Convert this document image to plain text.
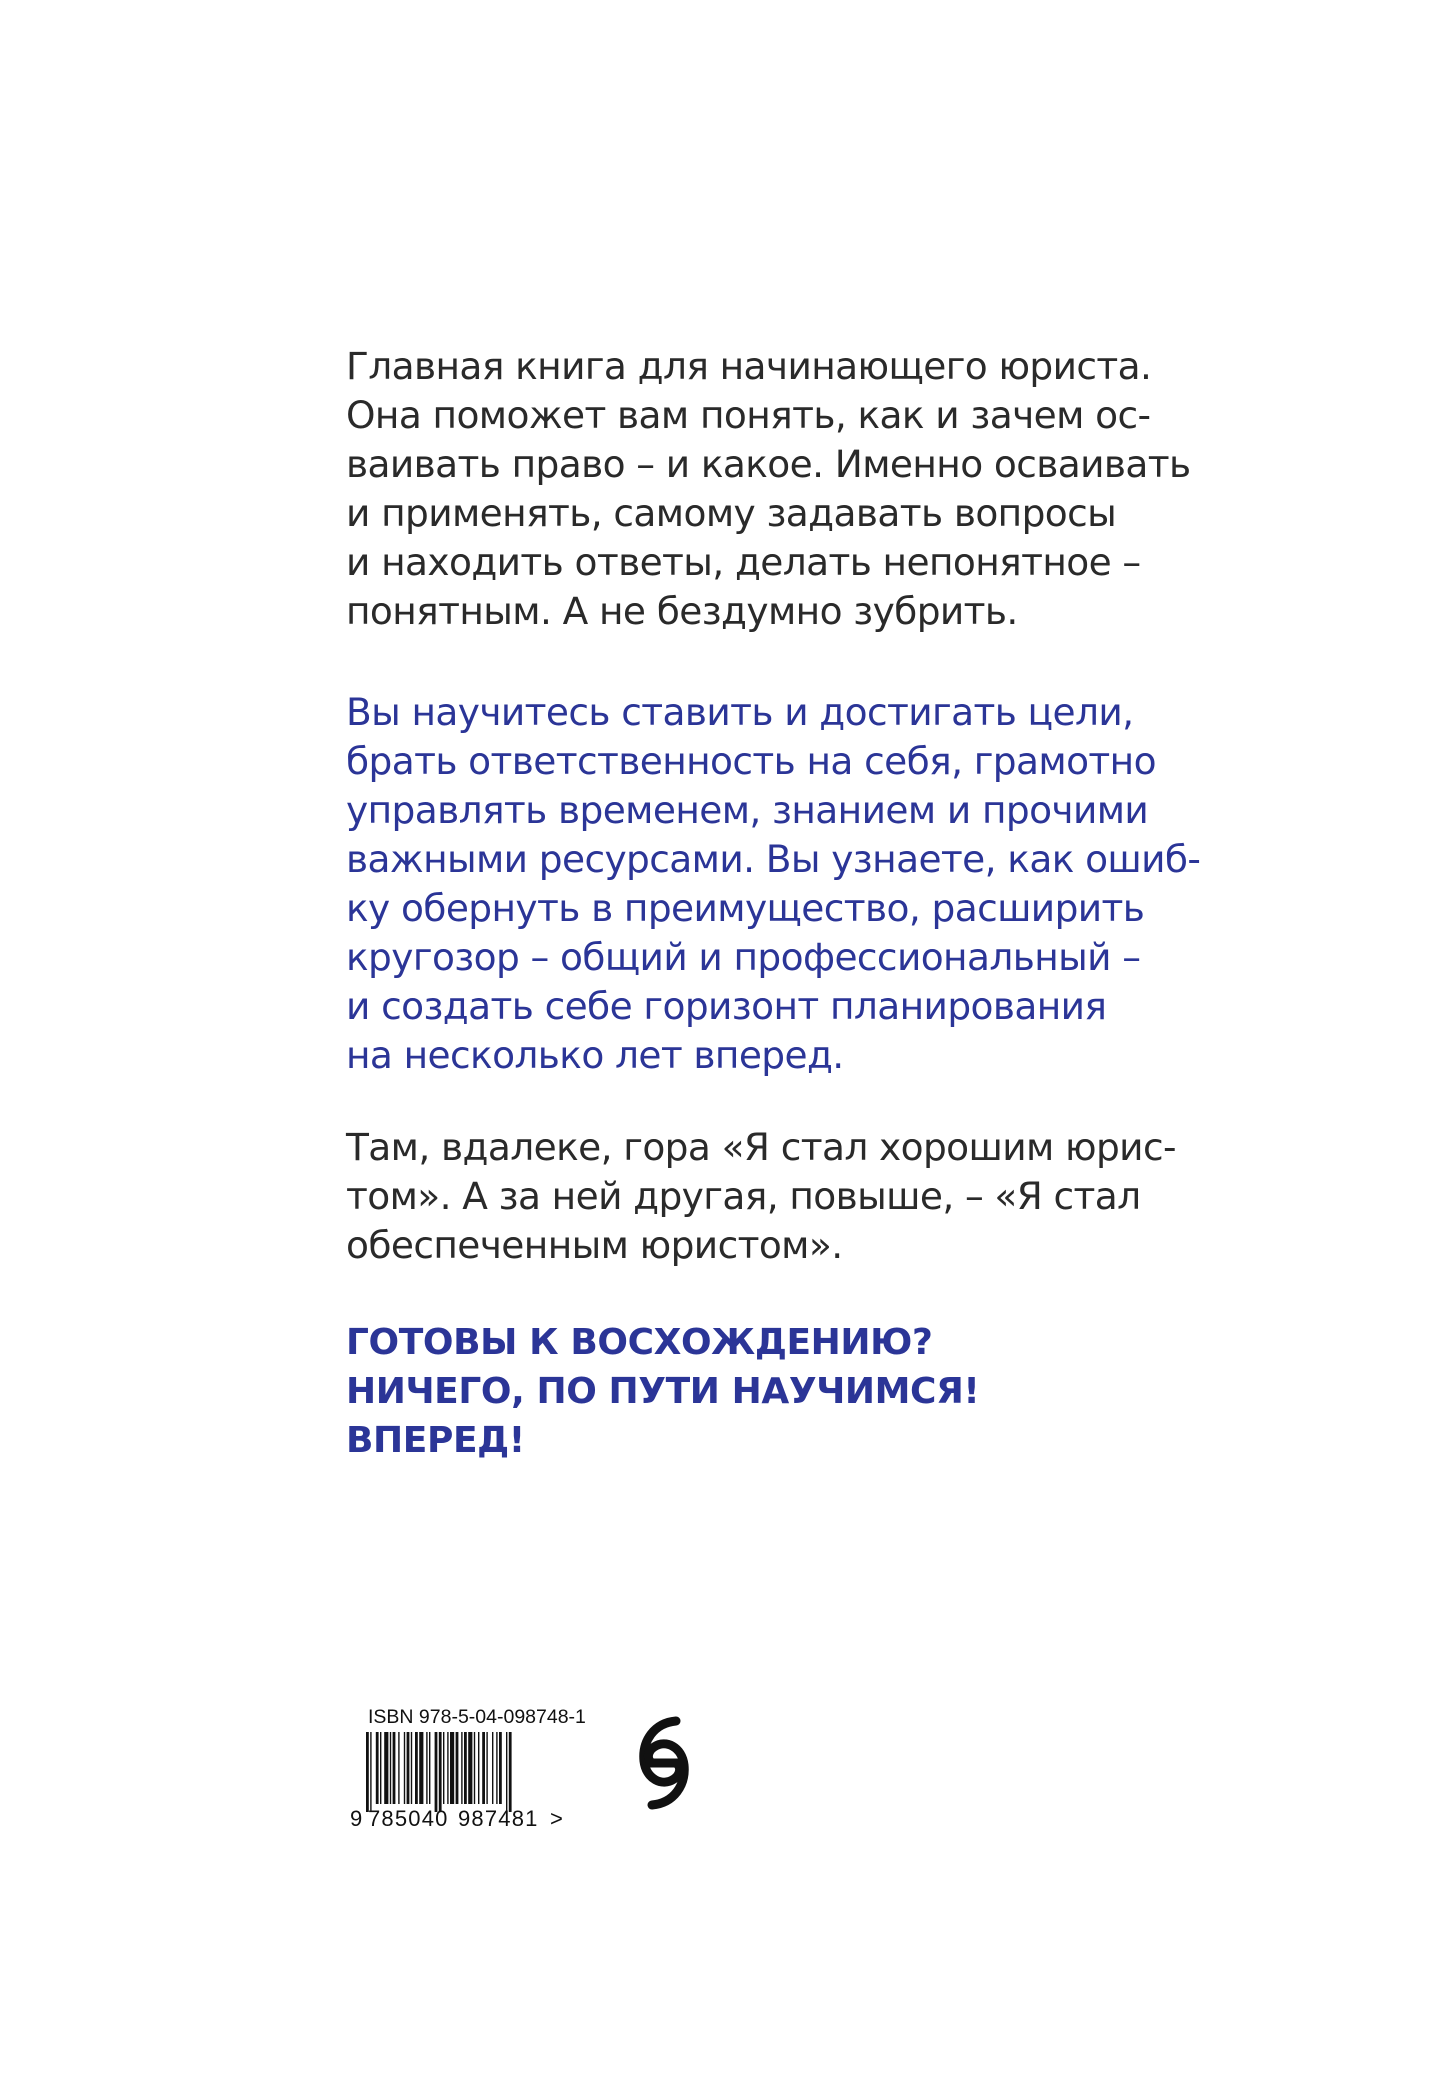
Главная книга для начинающего юриста.
Она поможет вам понять, как и зачем ос-
ваивать право – и какое. Именно осваивать
и применять, самому задавать вопросы
и находить ответы, делать непонятное –
понятным. А не бездумно зубрить.
Вы научитесь ставить и достигать цели,
брать ответственность на себя, грамотно
управлять временем, знанием и прочими
важными ресурсами. Вы узнаете, как ошиб-
ку обернуть в преимущество, расширить
кругозор – общий и профессиональный –
и создать себе горизонт планирования
на несколько лет вперед.
Там, вдалеке, гора «Я стал хорошим юрис-
том». А за ней другая, повыше, – «Я стал
обеспеченным юристом».
ГОТОВЫ К ВОСХОЖДЕНИЮ?
НИЧЕГО, ПО ПУТИ НАУЧИМСЯ!
ВПЕРЕД!
ISBN 978-5-04-098748-1
9 785040 987481 >
